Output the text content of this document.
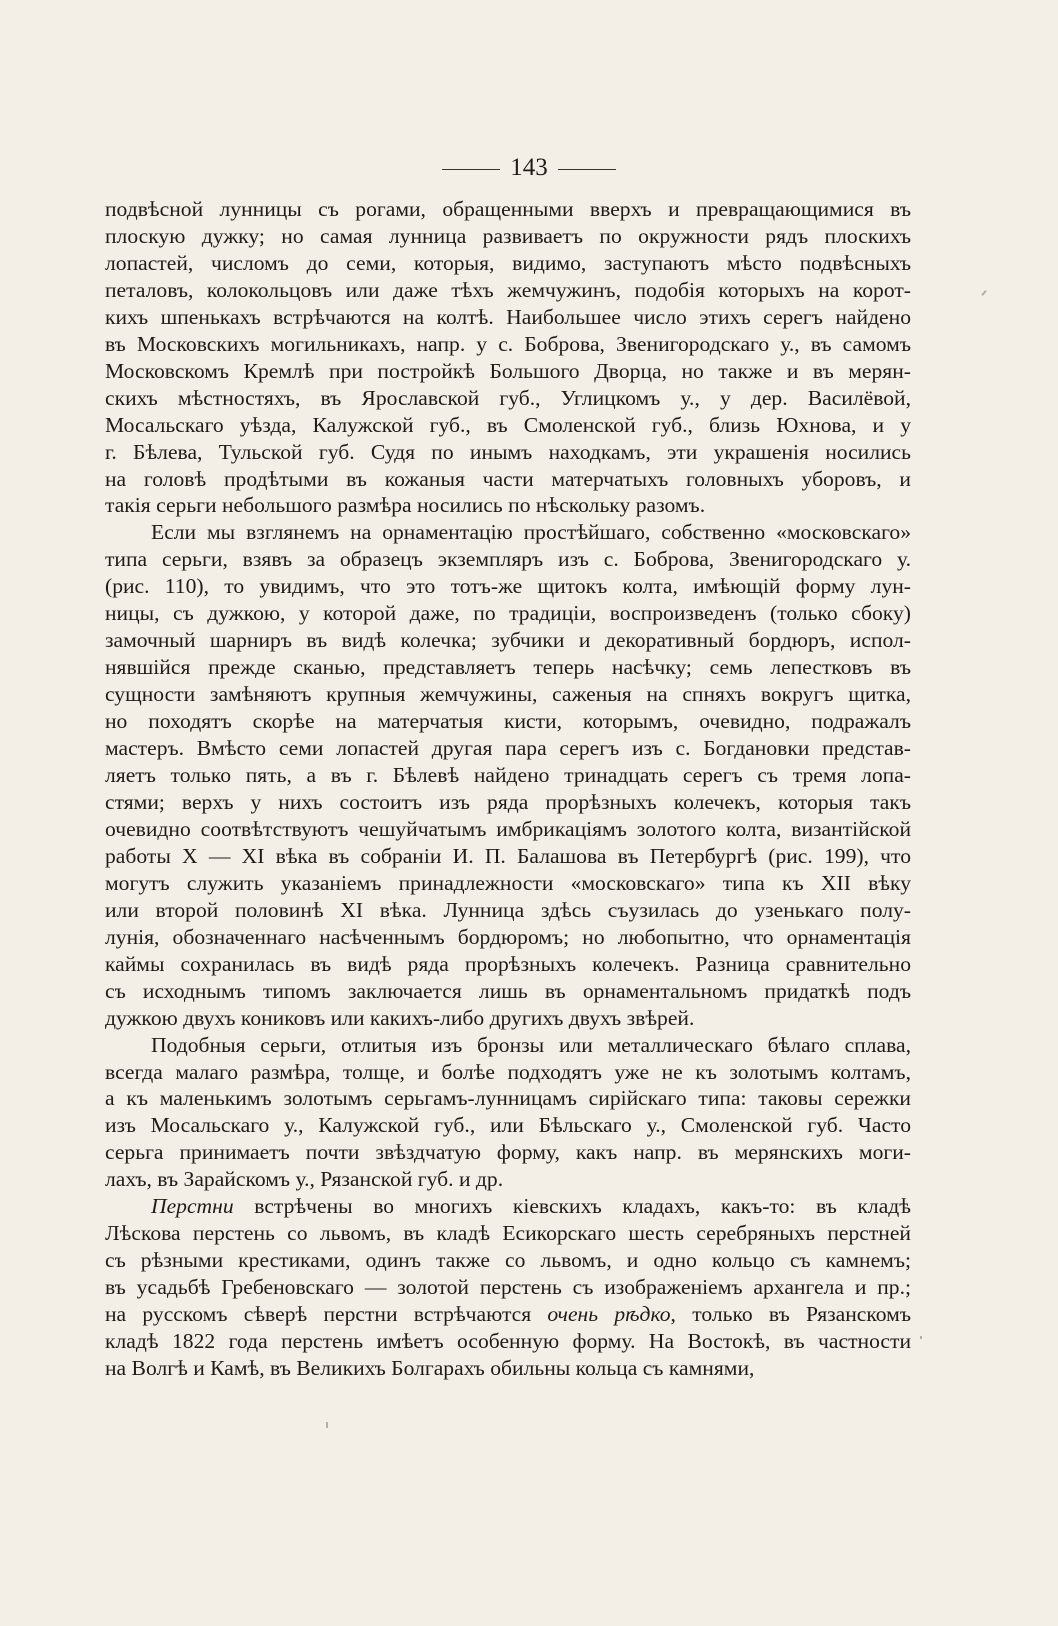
143

подвѣсной лунницы съ рогами, обращенными вверхъ и превращающимися въ
плоскую дужку; но самая лунница развиваетъ по окружности рядъ плоскихъ
лопастей, числомъ до семи, которыя, видимо, заступаютъ мѣсто подвѣсныхъ
петаловъ, колокольцовъ или даже тѣхъ жемчужинъ, подобія которыхъ на корот-
кихъ шпенькахъ встрѣчаются на колтѣ. Наибольшее число этихъ серегъ найдено
въ Московскихъ могильникахъ, напр. у с. Боброва, Звенигородскаго у., въ самомъ
Московскомъ Кремлѣ при постройкѣ Большого Дворца, но также и въ мерян-
скихъ мѣстностяхъ, въ Ярославской губ., Углицкомъ у., у дер. Василёвой,
Мосальскаго уѣзда, Калужской губ., въ Смоленской губ., близь Юхнова, и у
г. Бѣлева, Тульской губ. Судя по инымъ находкамъ, эти украшенія носились
на головѣ продѣтыми въ кожаныя части матерчатыхъ головныхъ уборовъ, и
такія серьги небольшого размѣра носились по нѣскольку разомъ.

Если мы взглянемъ на орнаментацію простѣйшаго, собственно «московскаго»
типа серьги, взявъ за образецъ экземпляръ изъ с. Боброва, Звенигородскаго у.
(рис. 110), то увидимъ, что это тотъ-же щитокъ колта, имѣющій форму лун-
ницы, съ дужкою, у которой даже, по традиціи, воспроизведенъ (только сбоку)
замочный шарниръ въ видѣ колечка; зубчики и декоративный бордюръ, испол-
нявшійся прежде сканью, представляетъ теперь насѣчку; семь лепестковъ въ
сущности замѣняютъ крупныя жемчужины, саженыя на спняхъ вокругъ щитка,
но походятъ скорѣе на матерчатыя кисти, которымъ, очевидно, подражалъ
мастеръ. Вмѣсто семи лопастей другая пара серегъ изъ с. Богдановки представ-
ляетъ только пять, а въ г. Бѣлевѣ найдено тринадцать серегъ съ тремя лопа-
стями; верхъ у нихъ состоитъ изъ ряда прорѣзныхъ колечекъ, которыя такъ
очевидно соотвѣтствуютъ чешуйчатымъ имбрикаціямъ золотого колта, византійской
работы X — XI вѣка въ собраніи И. П. Балашова въ Петербургѣ (рис. 199), что
могутъ служить указаніемъ принадлежности «московскаго» типа къ XII вѣку
или второй половинѣ XI вѣка. Лунница здѣсь съузилась до узенькаго полу-
лунія, обозначеннаго насѣченнымъ бордюромъ; но любопытно, что орнаментація
каймы сохранилась въ видѣ ряда прорѣзныхъ колечекъ. Разница сравнительно
съ исходнымъ типомъ заключается лишь въ орнаментальномъ придаткѣ подъ
дужкою двухъ кониковъ или какихъ-либо другихъ двухъ звѣрей.

Подобныя серьги, отлитыя изъ бронзы или металлическаго бѣлаго сплава,
всегда малаго размѣра, толще, и болѣе подходятъ уже не къ золотымъ колтамъ,
а къ маленькимъ золотымъ серьгамъ-лунницамъ сирійскаго типа: таковы сережки
изъ Мосальскаго у., Калужской губ., или Бѣльскаго у., Смоленской губ. Часто
серьга принимаетъ почти звѣздчатую форму, какъ напр. въ мерянскихъ моги-
лахъ, въ Зарайскомъ у., Рязанской губ. и др.

Перстни встрѣчены во многихъ кіевскихъ кладахъ, какъ-то: въ кладѣ
Лѣскова перстень со львомъ, въ кладѣ Есикорскаго шесть серебряныхъ перстней
съ рѣзными крестиками, одинъ также со львомъ, и одно кольцо съ камнемъ;
въ усадьбѣ Гребеновскаго — золотой перстень съ изображеніемъ архангела и пр.;
на русскомъ сѣверѣ перстни встрѣчаются очень рѣдко, только въ Рязанскомъ
кладѣ 1822 года перстень имѣетъ особенную форму. На Востокѣ, въ частности
на Волгѣ и Камѣ, въ Великихъ Болгарахъ обильны кольца съ камнями,
